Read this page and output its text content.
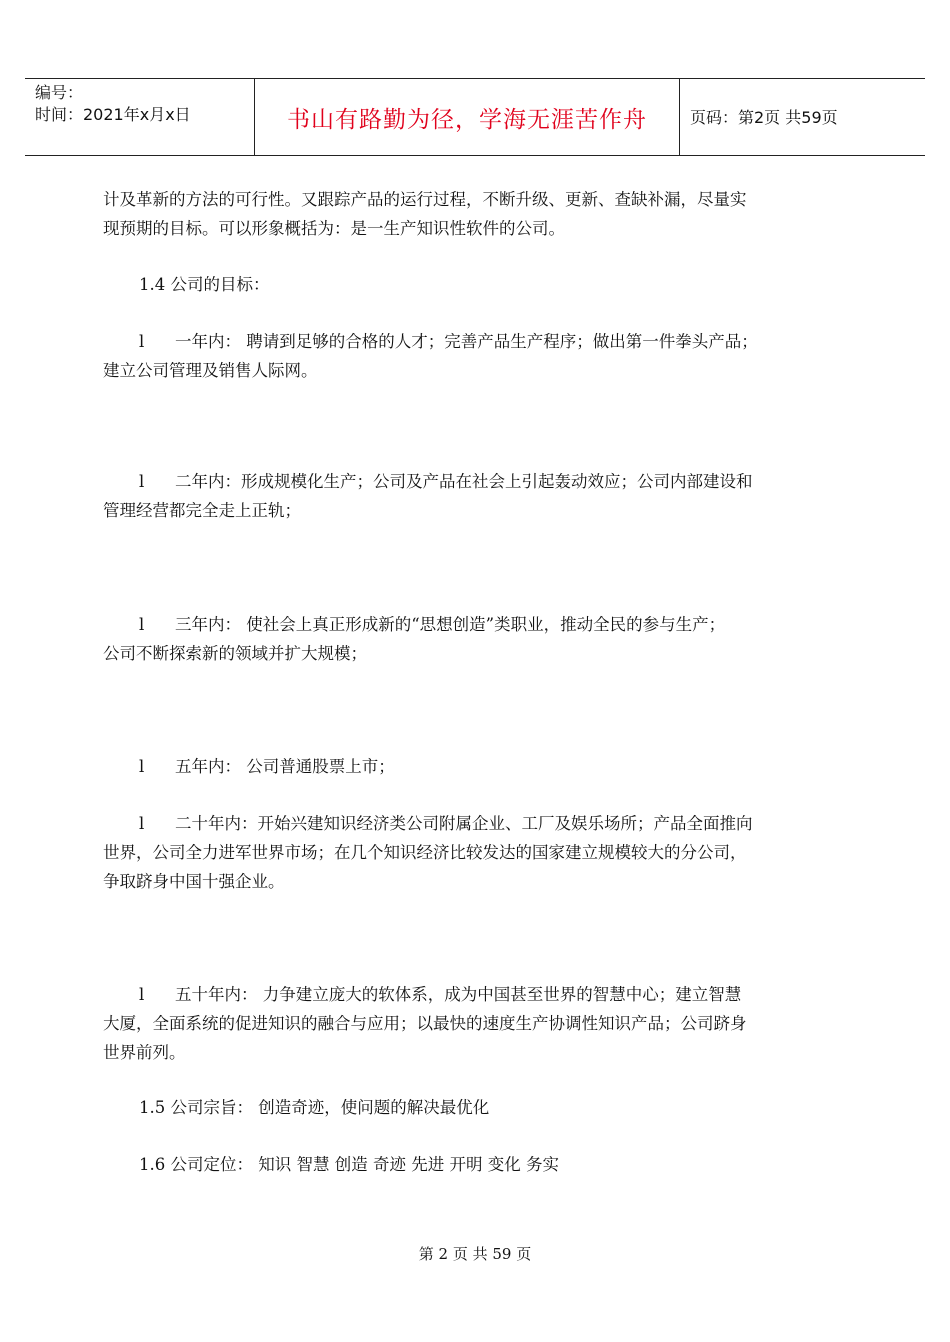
编号：
时间：2021年x月x日	书山有路勤为径，学海无涯苦作舟	页码：第2页 共59页
计及革新的方法的可行性。又跟踪产品的运行过程，不断升级、更新、查缺补漏，尽量实
现预期的目标。可以形象概括为：是一生产知识性软件的公司。
1.4 公司的目标：
l 一年内： 聘请到足够的合格的人才；完善产品生产程序；做出第一件拳头产品；
建立公司管理及销售人际网。
l 二年内：形成规模化生产；公司及产品在社会上引起轰动效应；公司内部建设和
管理经营都完全走上正轨；
l 三年内： 使社会上真正形成新的“思想创造”类职业，推动全民的参与生产；
公司不断探索新的领域并扩大规模；
l 五年内： 公司普通股票上市；
l 二十年内：开始兴建知识经济类公司附属企业、工厂及娱乐场所；产品全面推向
世界，公司全力进军世界市场；在几个知识经济比较发达的国家建立规模较大的分公司，
争取跻身中国十强企业。
l 五十年内： 力争建立庞大的软体系，成为中国甚至世界的智慧中心；建立智慧
大厦，全面系统的促进知识的融合与应用；以最快的速度生产协调性知识产品；公司跻身
世界前列。
1.5 公司宗旨： 创造奇迹，使问题的解决最优化
1.6 公司定位： 知识 智慧 创造 奇迹 先进 开明 变化 务实
第 2 页 共 59 页
